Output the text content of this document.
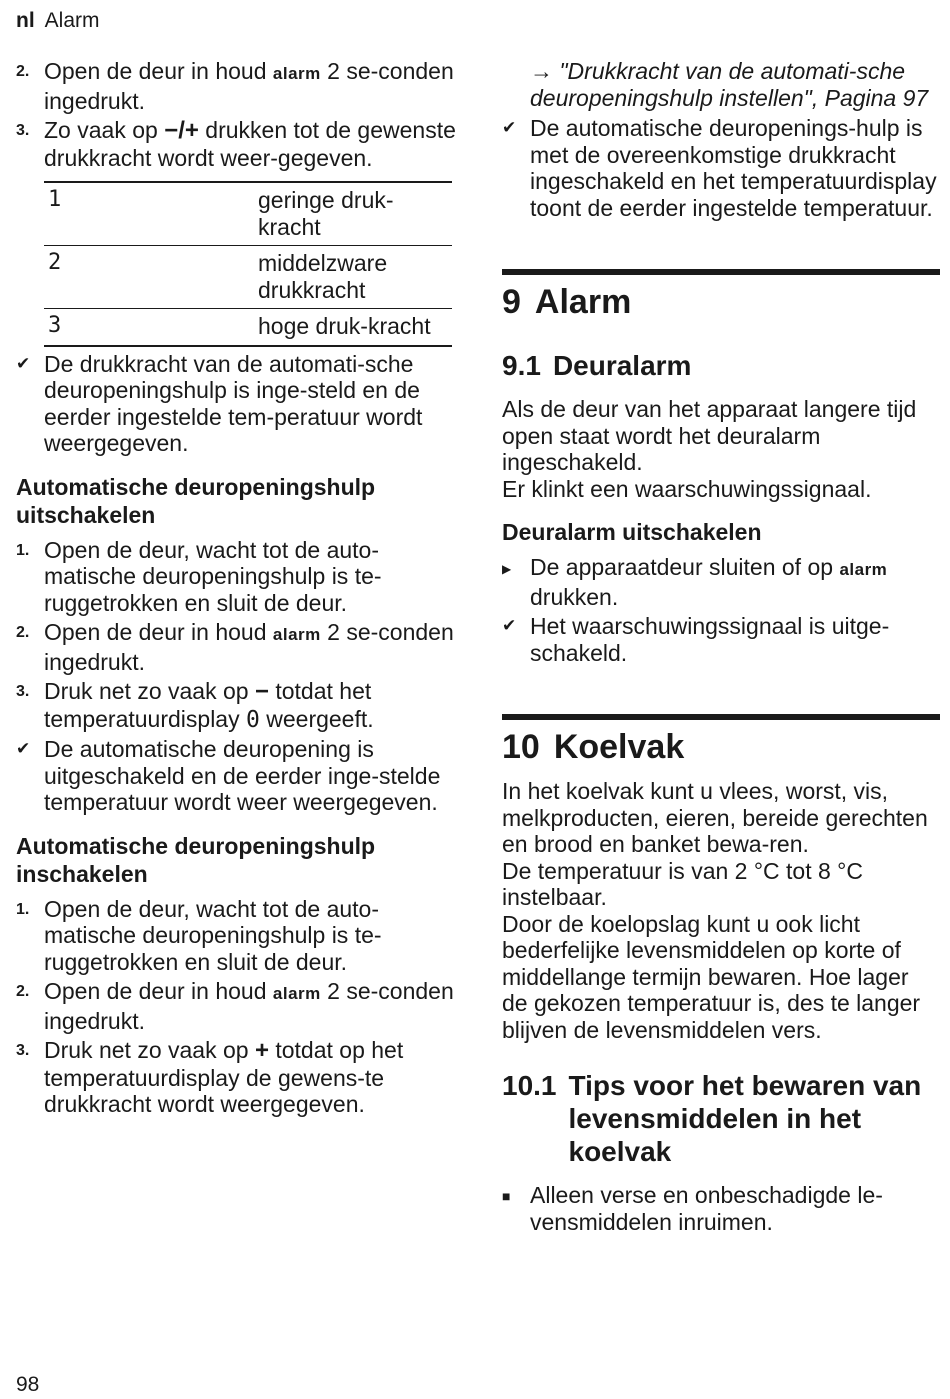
nl Alarm
2. Open de deur in houd alarm 2 se-conden ingedrukt.
3. Zo vaak op −/+ drukken tot de gewenste drukkracht wordt weer-gegeven.
1	geringe druk-kracht
2	middelzware drukkracht
3	hoge druk-kracht
✔ De drukkracht van de automati-sche deuropeningshulp is inge-steld en de eerder ingestelde tem-peratuur wordt weergegeven.
Automatische deuropeningshulp uitschakelen
1. Open de deur, wacht tot de auto-matische deuropeningshulp is te-ruggetrokken en sluit de deur.
2. Open de deur in houd alarm 2 se-conden ingedrukt.
3. Druk net zo vaak op − totdat het temperatuurdisplay 0 weergeeft.
✔ De automatische deuropening is uitgeschakeld en de eerder inge-stelde temperatuur wordt weer weergegeven.
Automatische deuropeningshulp inschakelen
1. Open de deur, wacht tot de auto-matische deuropeningshulp is te-ruggetrokken en sluit de deur.
2. Open de deur in houd alarm 2 se-conden ingedrukt.
3. Druk net zo vaak op + totdat op het temperatuurdisplay de gewens-te drukkracht wordt weergegeven.
→ "Drukkracht van de automati-sche deuropeningshulp instellen", Pagina 97
✔ De automatische deuropenings-hulp is met de overeenkomstige drukkracht ingeschakeld en het temperatuurdisplay toont de eerder ingestelde temperatuur.
9 Alarm
9.1 Deuralarm

Als de deur van het apparaat langere tijd open staat wordt het deuralarm ingeschakeld.

Er klinkt een waarschuwingssignaal.

Deuralarm uitschakelen
▶ De apparaatdeur sluiten of op alarm drukken.
✔ Het waarschuwingssignaal is uitge-schakeld.
10 Koelvak

In het koelvak kunt u vlees, worst, vis, melkproducten, eieren, bereide gerechten en brood en banket bewa-ren.

De temperatuur is van 2 °C tot 8 °C instelbaar.

Door de koelopslag kunt u ook licht bederfelijke levensmiddelen op korte of middellange termijn bewaren. Hoe lager de gekozen temperatuur is, des te langer blijven de levensmiddelen vers.

10.1 Tips voor het bewaren van levensmiddelen in het koelvak
■ Alleen verse en onbeschadigde le-vensmiddelen inruimen.
98
